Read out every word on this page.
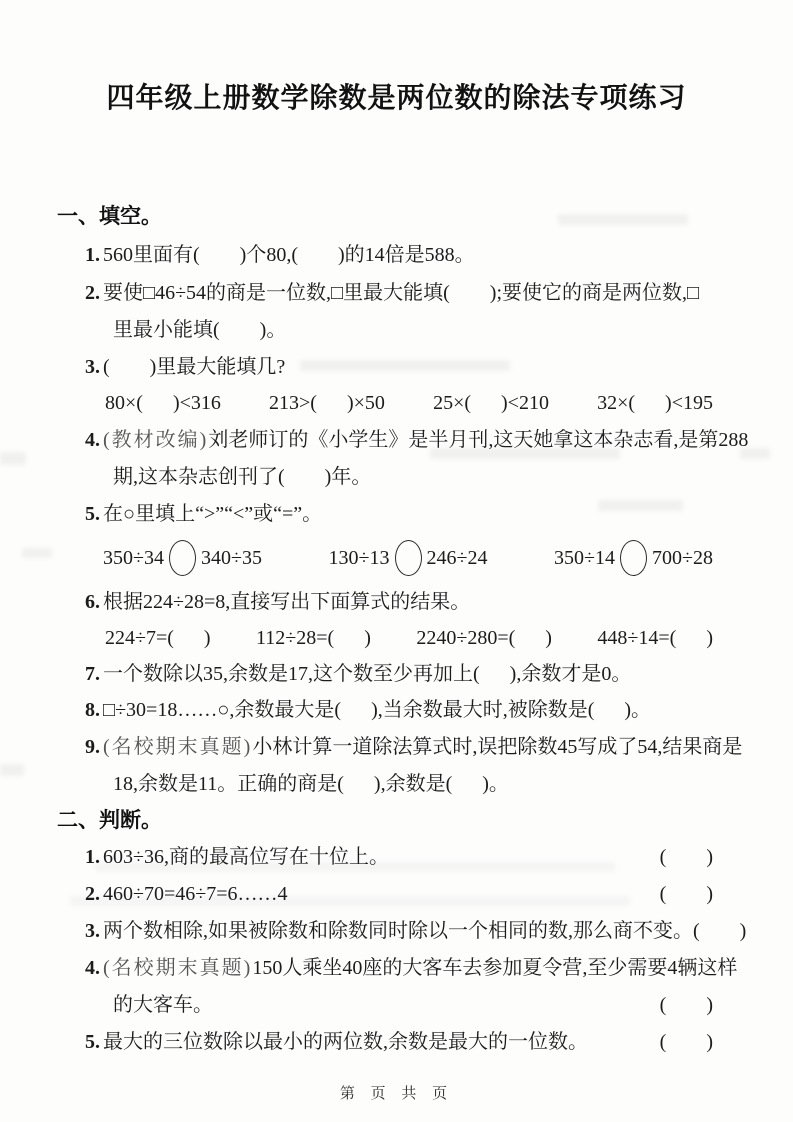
四年级上册数学除数是两位数的除法专项练习
一、填空。
1. 560里面有(        )个80,(        )的14倍是588。
2. 要使□46÷54的商是一位数,□里最大能填(        );要使它的商是两位数,□
里最小能填(        )。
3. (        )里最大能填几?
80×(      )<316 213>(      )×50 25×(      )<210 32×(      )<195
4. (教材改编)刘老师订的《小学生》是半月刊,这天她拿这本杂志看,是第288
期,这本杂志创刊了(        )年。
5. 在○里填上“>”“<”或“=”。
350÷34 340÷35	130÷13 246÷24	350÷14 700÷28
6. 根据224÷28=8,直接写出下面算式的结果。
224÷7=(      ) 112÷28=(      ) 2240÷280=(      ) 448÷14=(      )
7. 一个数除以35,余数是17,这个数至少再加上(      ),余数才是0。
8. □÷30=18……○,余数最大是(      ),当余数最大时,被除数是(      )。
9. (名校期末真题)小林计算一道除法算式时,误把除数45写成了54,结果商是
18,余数是11。正确的商是(      ),余数是(      )。
二、判断。
1. 603÷36,商的最高位写在十位上。	(        )
2. 460÷70=46÷7=6……4	(        )
3. 两个数相除,如果被除数和除数同时除以一个相同的数,那么商不变。 (        )
4. (名校期末真题)150人乘坐40座的大客车去参加夏令营,至少需要4辆这样
的大客车。	(        )
5. 最大的三位数除以最小的两位数,余数是最大的一位数。	(        )
第 页 共 页
